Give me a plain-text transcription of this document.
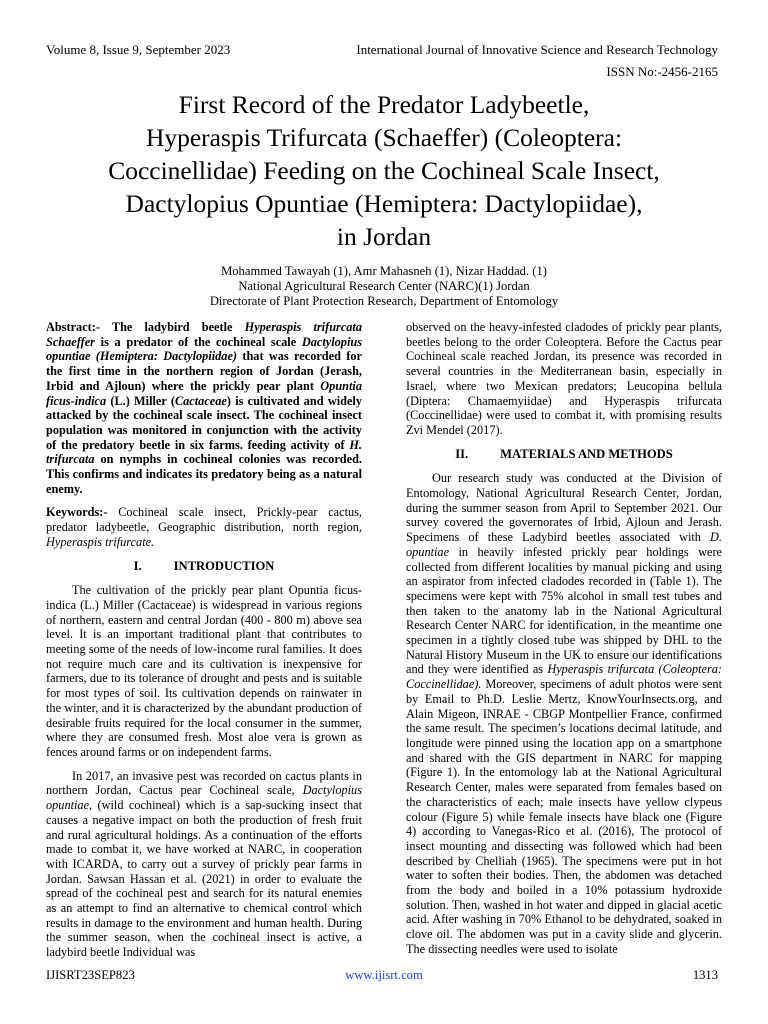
Volume 8, Issue 9, September 2023	International Journal of Innovative Science and Research Technology
ISSN No:-2456-2165
First Record of the Predator Ladybeetle,
Hyperaspis Trifurcata (Schaeffer) (Coleoptera:
Coccinellidae) Feeding on the Cochineal Scale Insect,
Dactylopius Opuntiae (Hemiptera: Dactylopiidae),
in Jordan
Mohammed Tawayah (1), Amr Mahasneh (1), Nizar Haddad. (1)
National Agricultural Research Center (NARC)(1) Jordan
Directorate of Plant Protection Research, Department of Entomology

Abstract:- The ladybird beetle Hyperaspis trifurcata Schaeffer is a predator of the cochineal scale Dactylopius opuntiae (Hemiptera: Dactylopiidae) that was recorded for the first time in the northern region of Jordan (Jerash, Irbid and Ajloun) where the prickly pear plant Opuntia ficus-indica (L.) Miller (Cactaceae) is cultivated and widely attacked by the cochineal scale insect. The cochineal insect population was monitored in conjunction with the activity of the predatory beetle in six farms. feeding activity of H. trifurcata on nymphs in cochineal colonies was recorded. This confirms and indicates its predatory being as a natural enemy.

Keywords:- Cochineal scale insect, Prickly-pear cactus, predator ladybeetle, Geographic distribution, north region, Hyperaspis trifurcate.

I.	INTRODUCTION

The cultivation of the prickly pear plant Opuntia ficus-indica (L.) Miller (Cactaceae) is widespread in various regions of northern, eastern and central Jordan (400 - 800 m) above sea level. It is an important traditional plant that contributes to meeting some of the needs of low-income rural families. It does not require much care and its cultivation is inexpensive for farmers, due to its tolerance of drought and pests and is suitable for most types of soil. Its cultivation depends on rainwater in the winter, and it is characterized by the abundant production of desirable fruits required for the local consumer in the summer, where they are consumed fresh. Most aloe vera is grown as fences around farms or on independent farms.

In 2017, an invasive pest was recorded on cactus plants in northern Jordan, Cactus pear Cochineal scale, Dactylopius opuntiae, (wild cochineal) which is a sap-sucking insect that causes a negative impact on both the production of fresh fruit and rural agricultural holdings. As a continuation of the efforts made to combat it, we have worked at NARC, in cooperation with ICARDA, to carry out a survey of prickly pear farms in Jordan. Sawsan Hassan et al. (2021) in order to evaluate the spread of the cochineal pest and search for its natural enemies as an attempt to find an alternative to chemical control which results in damage to the environment and human health. During the summer season, when the cochineal insect is active, a ladybird beetle Individual was

observed on the heavy-infested cladodes of prickly pear plants, beetles belong to the order Coleoptera. Before the Cactus pear Cochineal scale reached Jordan, its presence was recorded in several countries in the Mediterranean basin, especially in Israel, where two Mexican predators; Leucopina bellula (Diptera: Chamaemyiidae) and Hyperaspis trifurcata (Coccinellidae) were used to combat it, with promising results Zvi Mendel (2017).

II.	MATERIALS AND METHODS

Our research study was conducted at the Division of Entomology, National Agricultural Research Center, Jordan, during the summer season from April to September 2021. Our survey covered the governorates of Irbid, Ajloun and Jerash. Specimens of these Ladybird beetles associated with D. opuntiae in heavily infested prickly pear holdings were collected from different localities by manual picking and using an aspirator from infected cladodes recorded in (Table 1). The specimens were kept with 75% alcohol in small test tubes and then taken to the anatomy lab in the National Agricultural Research Center NARC for identification, in the meantime one specimen in a tightly closed tube was shipped by DHL to the Natural History Museum in the UK to ensure our identifications and they were identified as Hyperaspis trifurcata (Coleoptera: Coccinellidae). Moreover, specimens of adult photos were sent by Email to Ph.D. Leslie Mertz, KnowYourInsects.org, and Alain Migeon, INRAE - CBGP Montpellier France, confirmed the same result. The specimen’s locations decimal latitude, and longitude were pinned using the location app on a smartphone and shared with the GIS department in NARC for mapping (Figure 1). In the entomology lab at the National Agricultural Research Center, males were separated from females based on the characteristics of each; male insects have yellow clypeus colour (Figure 5) while female insects have black one (Figure 4) according to Vanegas-Rico et al. (2016), The protocol of insect mounting and dissecting was followed which had been described by Chelliah (1965). The specimens were put in hot water to soften their bodies. Then, the abdomen was detached from the body and boiled in a 10% potassium hydroxide solution. Then, washed in hot water and dipped in glacial acetic acid. After washing in 70% Ethanol to be dehydrated, soaked in clove oil. The abdomen was put in a cavity slide and glycerin. The dissecting needles were used to isolate

IJISRT23SEP823	www.ijisrt.com	1313
